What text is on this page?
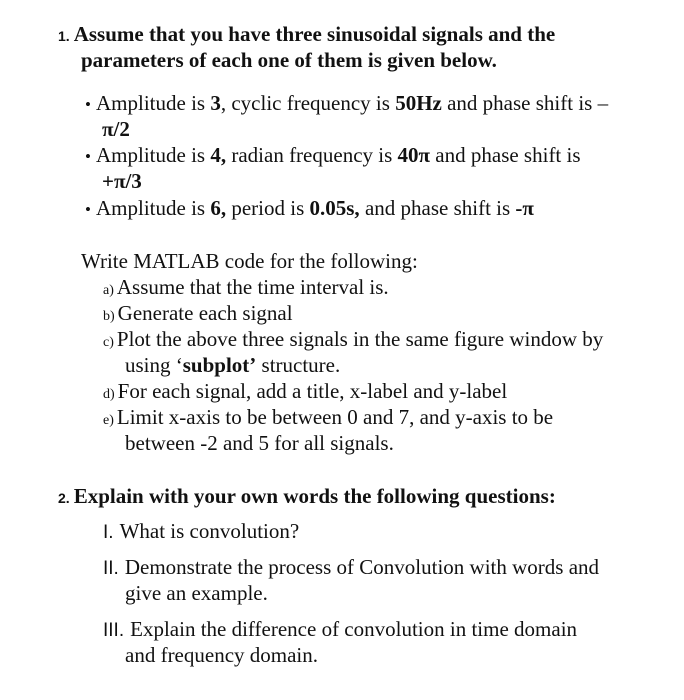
1. Assume that you have three sinusoidal signals and the
parameters of each one of them is given below.
• Amplitude is 3, cyclic frequency is 50Hz and phase shift is –
π/2
• Amplitude is 4, radian frequency is 40π and phase shift is
+π/3
• Amplitude is 6, period is 0.05s, and phase shift is -π
Write MATLAB code for the following:
a) Assume that the time interval is.
b) Generate each signal
c) Plot the above three signals in the same figure window by
using ‘subplot’ structure.
d) For each signal, add a title, x-label and y-label
e) Limit x-axis to be between 0 and 7, and y-axis to be
between -2 and 5 for all signals.
2. Explain with your own words the following questions:
I. What is convolution?
II. Demonstrate the process of Convolution with words and
give an example.
III. Explain the difference of convolution in time domain
and frequency domain.
